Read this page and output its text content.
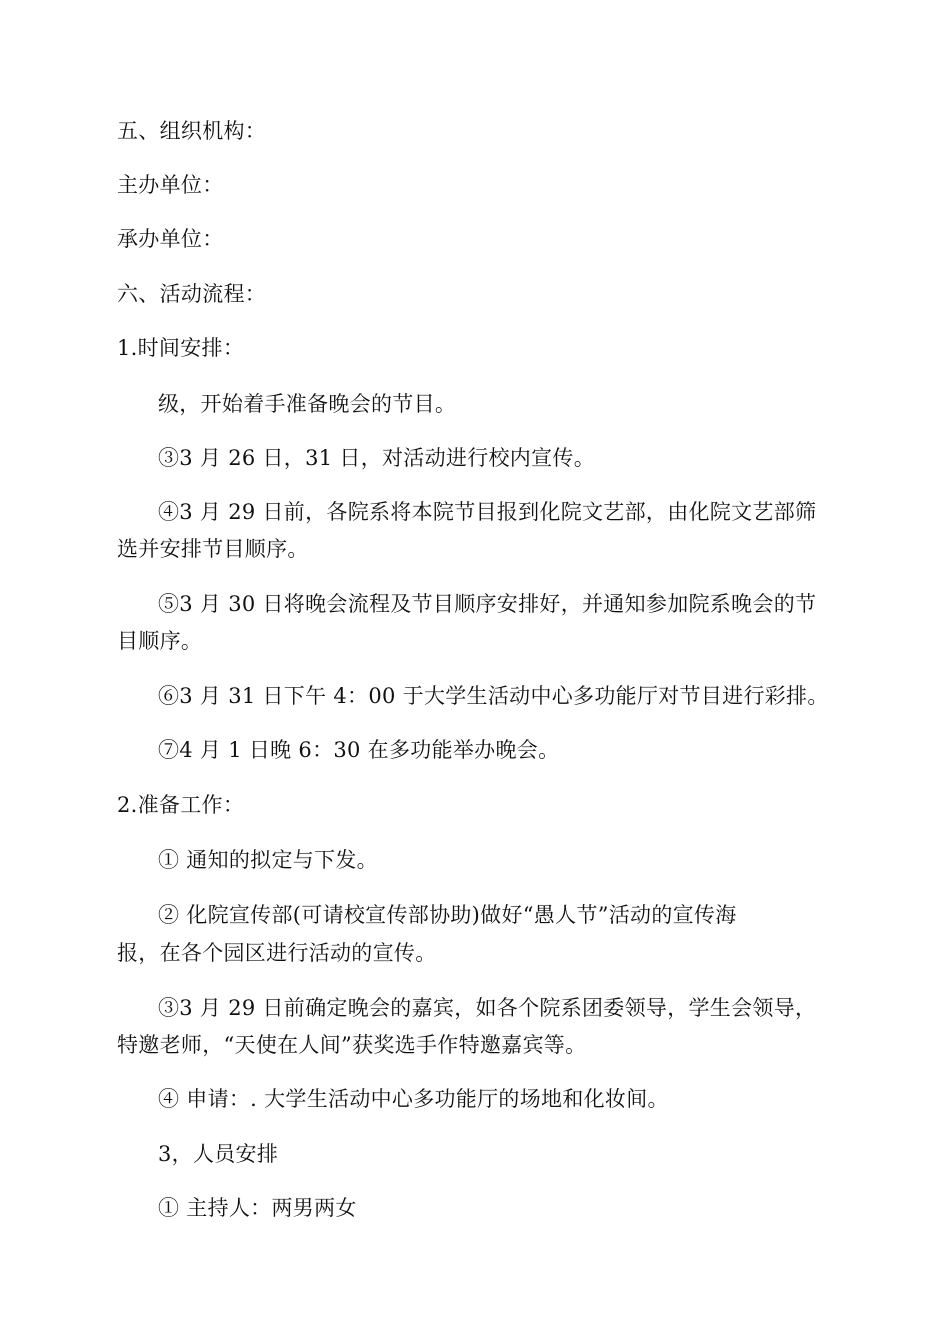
五、组织机构：
主办单位：
承办单位：
六、活动流程：
1.时间安排：
级，开始着手准备晚会的节目。
③3 月 26 日，31 日，对活动进行校内宣传。
④3 月 29 日前，各院系将本院节目报到化院文艺部，由化院文艺部筛
选并安排节目顺序。
⑤3 月 30 日将晚会流程及节目顺序安排好，并通知参加院系晚会的节
目顺序。
⑥3 月 31 日下午 4：00 于大学生活动中心多功能厅对节目进行彩排。
⑦4 月 1 日晚 6：30 在多功能举办晚会。
2.准备工作：
① 通知的拟定与下发。
② 化院宣传部(可请校宣传部协助)做好“愚人节”活动的宣传海
报，在各个园区进行活动的宣传。
③3 月 29 日前确定晚会的嘉宾，如各个院系团委领导，学生会领导，
特邀老师，“天使在人间”获奖选手作特邀嘉宾等。
④ 申请：. 大学生活动中心多功能厅的场地和化妆间。
3，人员安排
① 主持人：两男两女
